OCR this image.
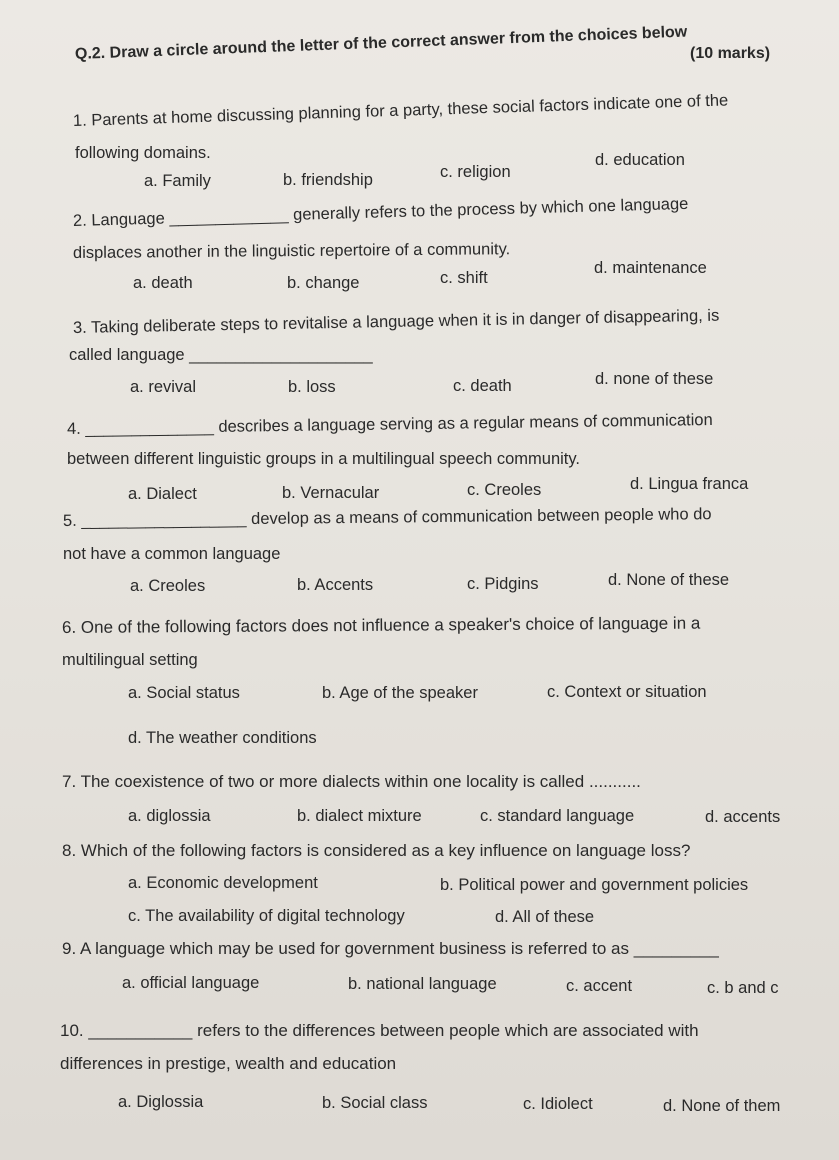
Q.2. Draw a circle around the letter of the correct answer from the choices below (10 marks)
1. Parents at home discussing planning for a party, these social factors indicate one of the
following domains.
a. Family	b. friendship	c. religion
d. education
2. Language _____________ generally refers to the process by which one language
displaces another in the linguistic repertoire of a community.
a. death	b. change	c. shift
d. maintenance
3. Taking deliberate steps to revitalise a language when it is in danger of disappearing, is
called language ____________________
a. revival	b. loss	c. death	d. none of these
4. ______________ describes a language serving as a regular means of communication
between different linguistic groups in a multilingual speech community.
a. Dialect	b. Vernacular	c. Creoles	d. Lingua franca
5. __________________ develop as a means of communication between people who do
not have a common language
a. Creoles	b. Accents	c. Pidgins	d. None of these
6. One of the following factors does not influence a speaker's choice of language in a
multilingual setting
a. Social status	b. Age of the speaker	c. Context or situation
d. The weather conditions
7. The coexistence of two or more dialects within one locality is called ...........
a. diglossia	b. dialect mixture	c. standard language	d. accents
8. Which of the following factors is considered as a key influence on language loss?
a. Economic development	b. Political power and government policies
c. The availability of digital technology	d. All of these
9. A language which may be used for government business is referred to as _________
a. official language	b. national language	c. accent	c. b and c
10. ___________ refers to the differences between people which are associated with
differences in prestige, wealth and education
a. Diglossia	b. Social class	c. Idiolect	d. None of them
